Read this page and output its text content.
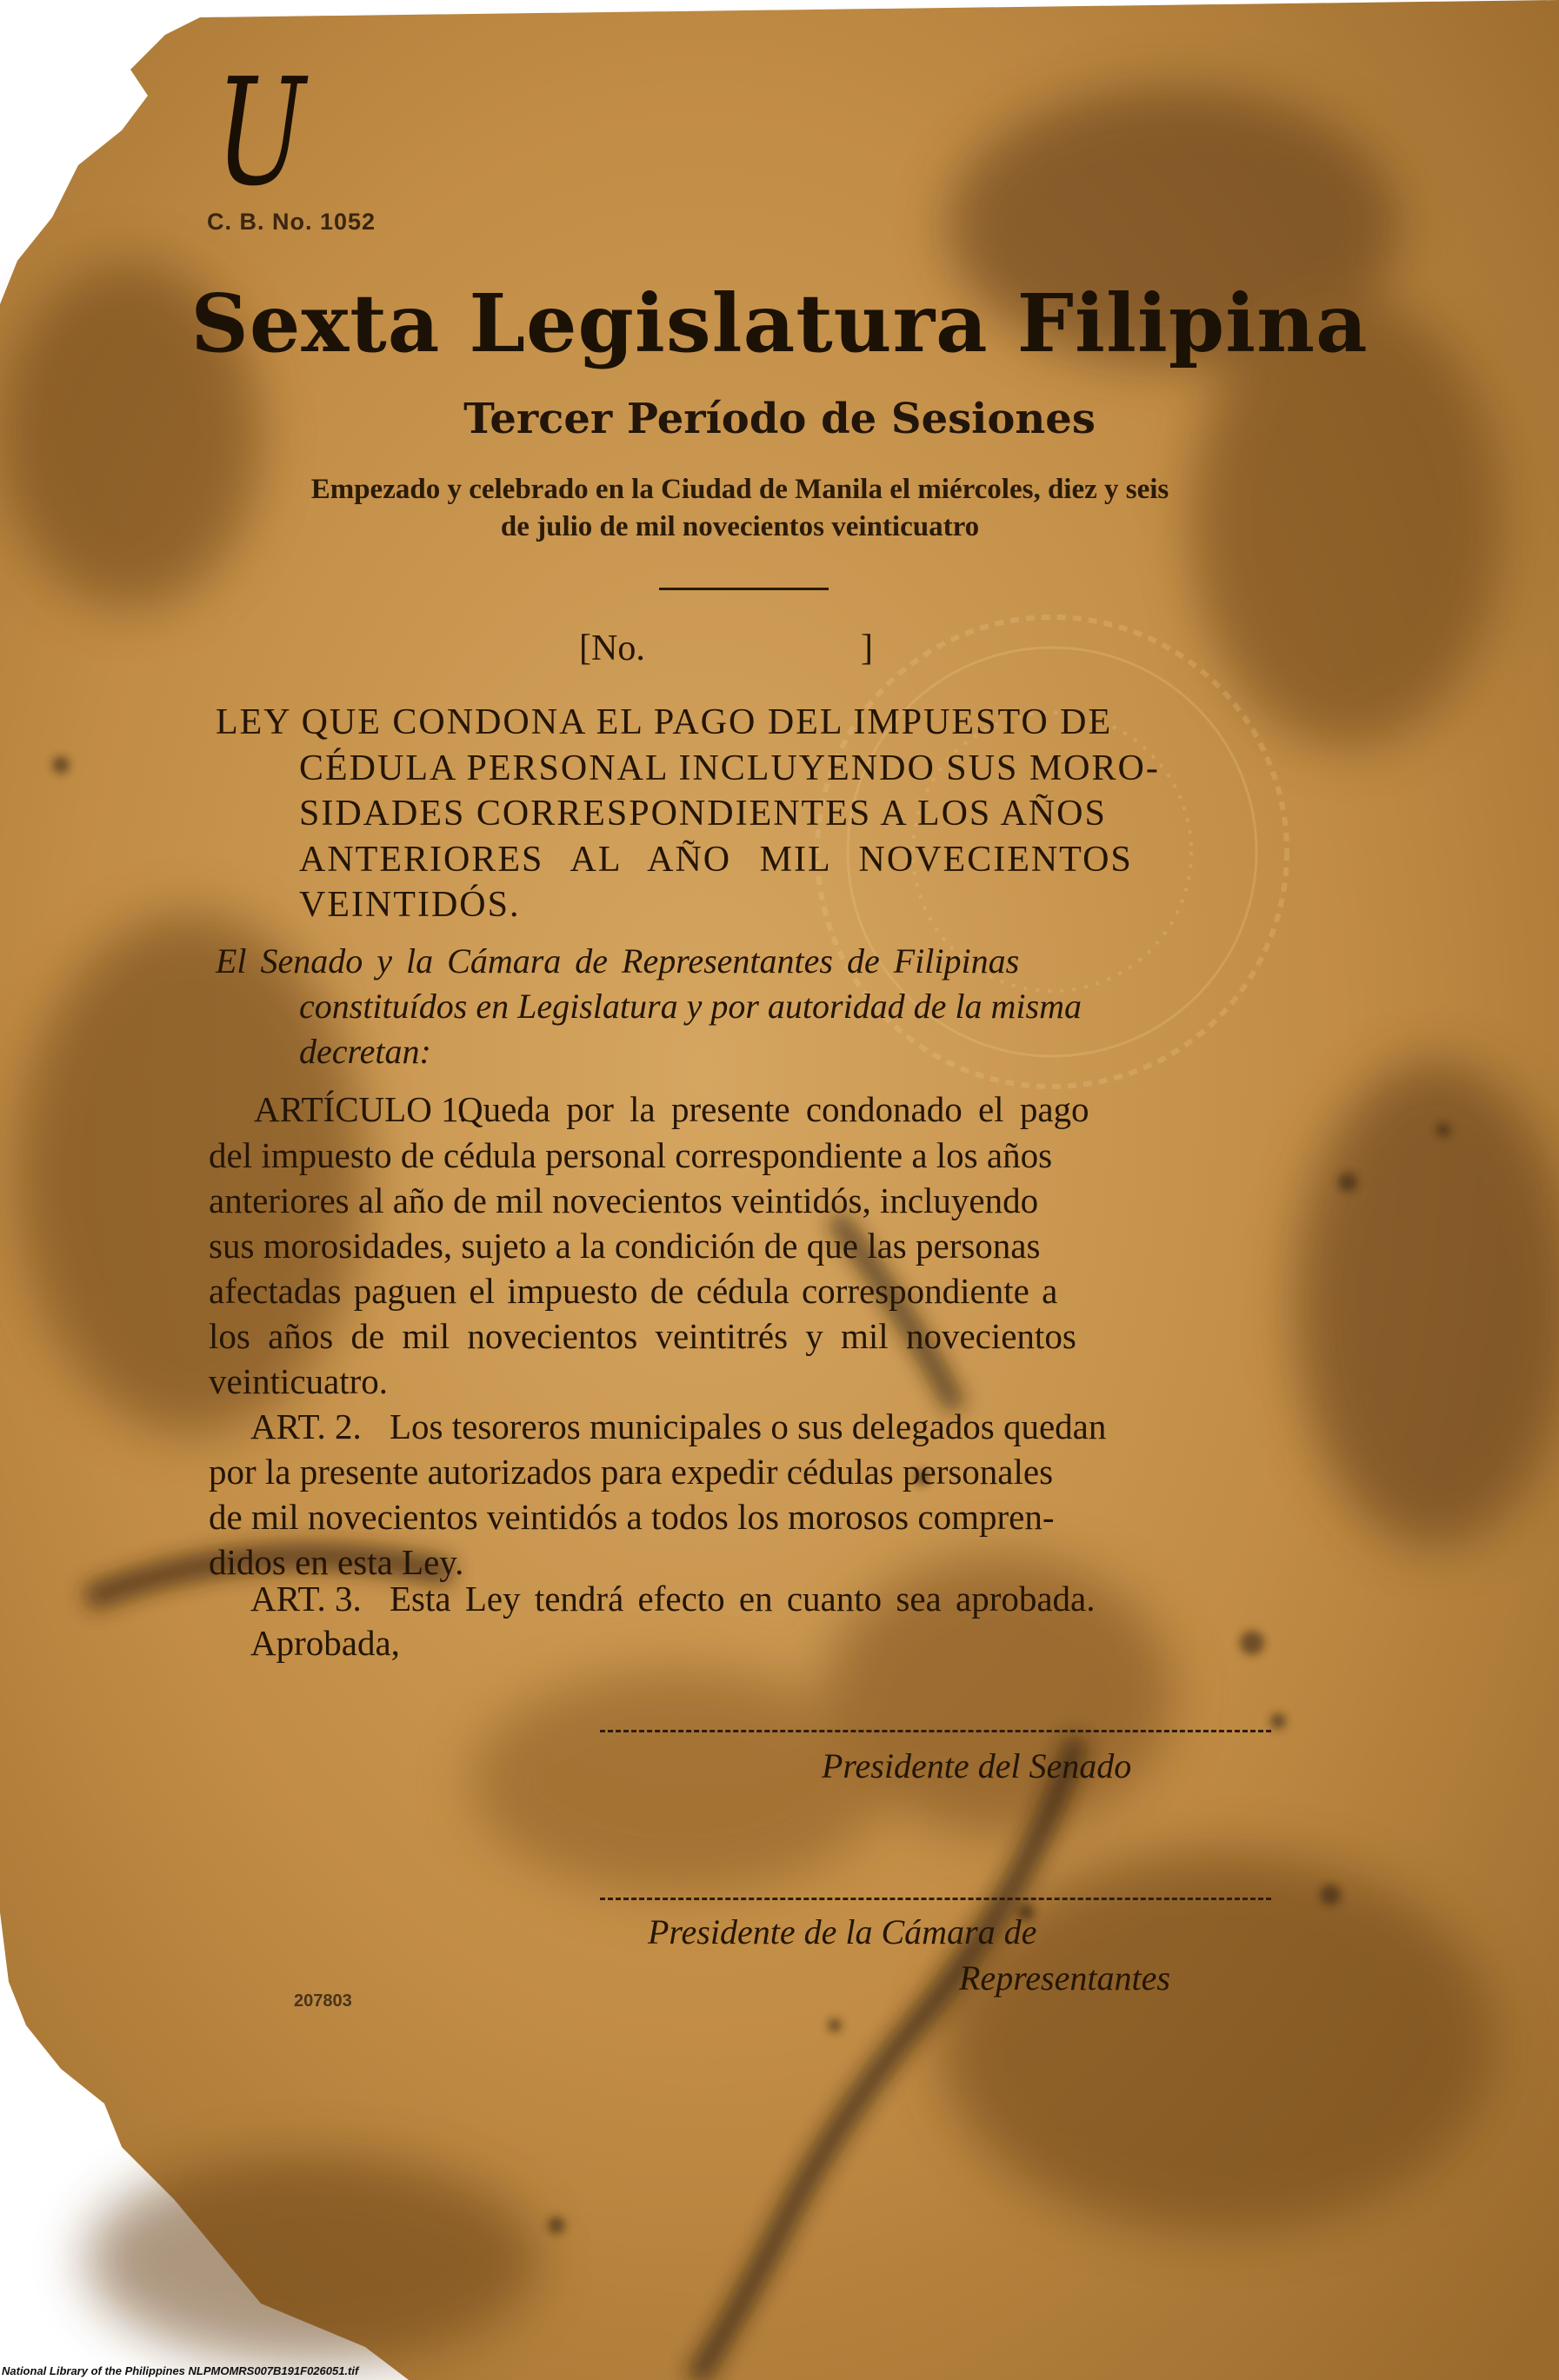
U
C. B. No. 1052
Sexta Legislatura Filipina
Tercer Período de Sesiones
Empezado y celebrado en la Ciudad de Manila el miércoles, diez y seis
de julio de mil novecientos veinticuatro
[No.	]
LEY QUE CONDONA EL PAGO DEL IMPUESTO DE
CÉDULA PERSONAL INCLUYENDO SUS MORO-
SIDADES CORRESPONDIENTES A LOS AÑOS
ANTERIORES AL AÑO MIL NOVECIENTOS
VEINTIDÓS.
El Senado y la Cámara de Representantes de Filipinas
constituídos en Legislatura y por autoridad de la misma
decretan:
ARTÍCULO 1.
Queda por la presente condonado el pago
del impuesto de cédula personal correspondiente a los años
anteriores al año de mil novecientos veintidós, incluyendo
sus morosidades, sujeto a la condición de que las personas
afectadas paguen el impuesto de cédula correspondiente a
los años de mil novecientos veintitrés y mil novecientos
veinticuatro.
ART. 2. Los tesoreros municipales o sus delegados quedan
por la presente autorizados para expedir cédulas personales
de mil novecientos veintidós a todos los morosos compren-
didos en esta Ley.
ART. 3. Esta Ley tendrá efecto en cuanto sea aprobada.
Aprobada,
Presidente del Senado
Presidente de la Cámara de
Representantes
207803
National Library of the Philippines NLPMOMRS007B191F026051.tif
